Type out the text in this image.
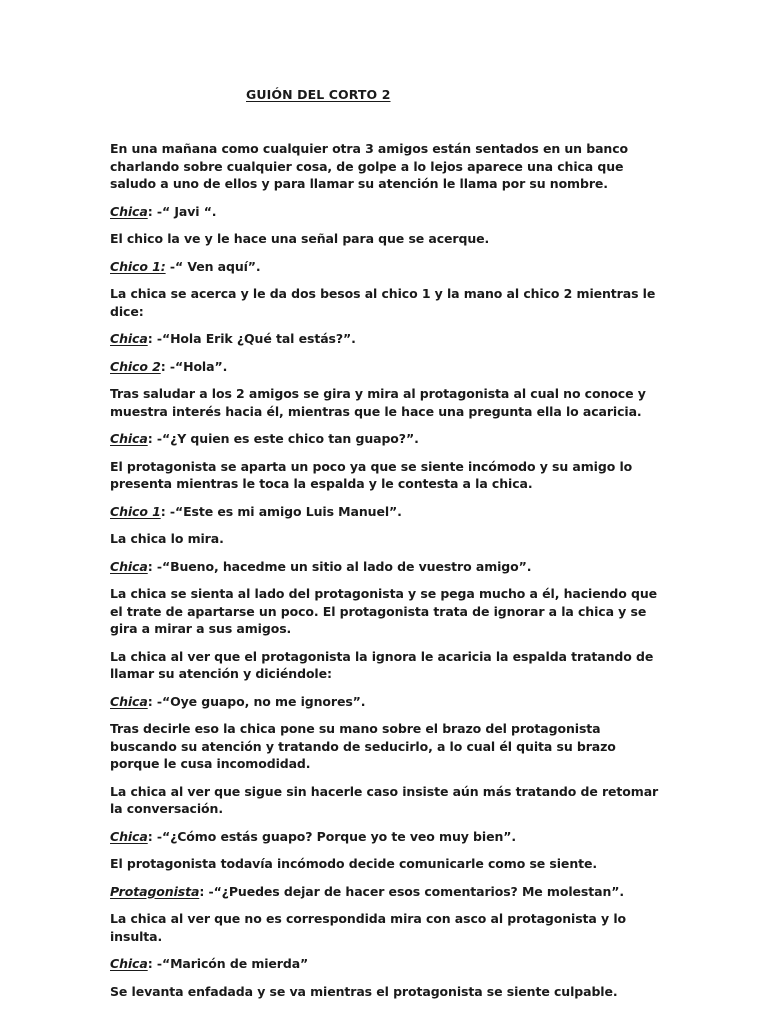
GUIÓN DEL CORTO 2

En una mañana como cualquier otra 3 amigos están sentados en un banco charlando sobre cualquier cosa, de golpe a lo lejos aparece una chica que saludo a uno de ellos y para llamar su atención le llama por su nombre.

Chica: -“ Javi “.

El chico la ve y le hace una señal para que se acerque.

Chico 1: -“ Ven aquí”.

La chica se acerca y le da dos besos al chico 1 y la mano al chico 2 mientras le dice:

Chica: -“Hola Erik ¿Qué tal estás?”.

Chico 2: -“Hola”.

Tras saludar a los 2 amigos se gira y mira al protagonista al cual no conoce y muestra interés hacia él, mientras que le hace una pregunta ella lo acaricia.

Chica: -“¿Y quien es este chico tan guapo?”.

El protagonista se aparta un poco ya que se siente incómodo y su amigo lo presenta mientras le toca la espalda y le contesta a la chica.

Chico 1: -“Este es mi amigo Luis Manuel”.

La chica lo mira.

Chica: -“Bueno, hacedme un sitio al lado de vuestro amigo”.

La chica se sienta al lado del protagonista y se pega mucho a él, haciendo que el trate de apartarse un poco. El protagonista trata de ignorar a la chica y se gira a mirar a sus amigos.

La chica al ver que el protagonista la ignora le acaricia la espalda tratando de llamar su atención y diciéndole:

Chica: -“Oye guapo, no me ignores”.

Tras decirle eso la chica pone su mano sobre el brazo del protagonista buscando su atención y tratando de seducirlo, a lo cual él quita su brazo porque le cusa incomodidad.

La chica al ver que sigue sin hacerle caso insiste aún más tratando de retomar la conversación.

Chica: -“¿Cómo estás guapo? Porque yo te veo muy bien”.

El protagonista todavía incómodo decide comunicarle como se siente.

Protagonista: -“¿Puedes dejar de hacer esos comentarios? Me molestan”.

La chica al ver que no es correspondida mira con asco al protagonista y lo insulta.

Chica: -“Maricón de mierda”

Se levanta enfadada y se va mientras el protagonista se siente culpable.
